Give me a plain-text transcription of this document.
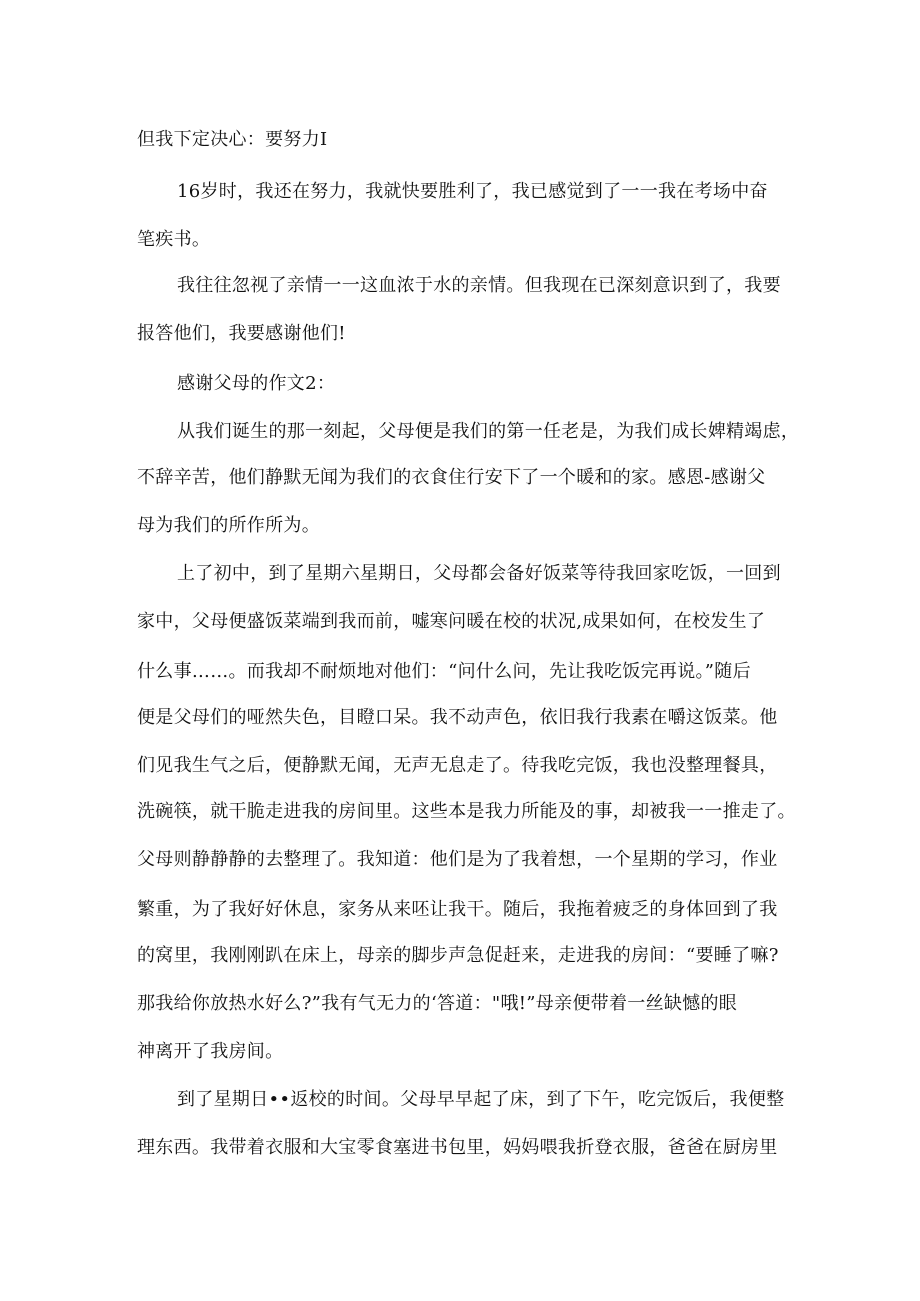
但我下定决心：要努力I
16岁时，我还在努力，我就快要胜利了，我已感觉到了一一我在考场中奋
笔疾书。
我往往忽视了亲情一一这血浓于水的亲情。但我现在已深刻意识到了，我要
报答他们，我要感谢他们!
感谢父母的作文2：
从我们诞生的那一刻起，父母便是我们的第一任老是，为我们成长婢精竭虑，
不辞辛苦，他们静默无闻为我们的衣食住行安下了一个暖和的家。感恩-感谢父
母为我们的所作所为。
上了初中，到了星期六星期日，父母都会备好饭菜等待我回家吃饭，一回到
家中，父母便盛饭菜端到我而前，嘘寒问暖在校的状况,成果如何，在校发生了
什么事……。而我却不耐烦地对他们：“问什么问，先让我吃饭完再说。”随后
便是父母们的哑然失色，目瞪口呆。我不动声色，依旧我行我素在嚼这饭菜。他
们见我生气之后，便静默无闻，无声无息走了。待我吃完饭，我也没整理餐具，
洗碗筷，就干脆走进我的房间里。这些本是我力所能及的事，却被我一一推走了。
父母则静静静的去整理了。我知道：他们是为了我着想，一个星期的学习，作业
繁重，为了我好好休息，家务从来呸让我干。随后，我拖着疲乏的身体回到了我
的窝里，我刚刚趴在床上，母亲的脚步声急促赶来，走进我的房间：“要睡了嘛?
那我给你放热水好么?”我有气无力的‘答道："哦!”母亲便带着一丝缺憾的眼
神离开了我房间。
到了星期日••返校的时间。父母早早起了床，到了下午，吃完饭后，我便整
理东西。我带着衣服和大宝零食塞进书包里，妈妈喂我折登衣服，爸爸在厨房里
